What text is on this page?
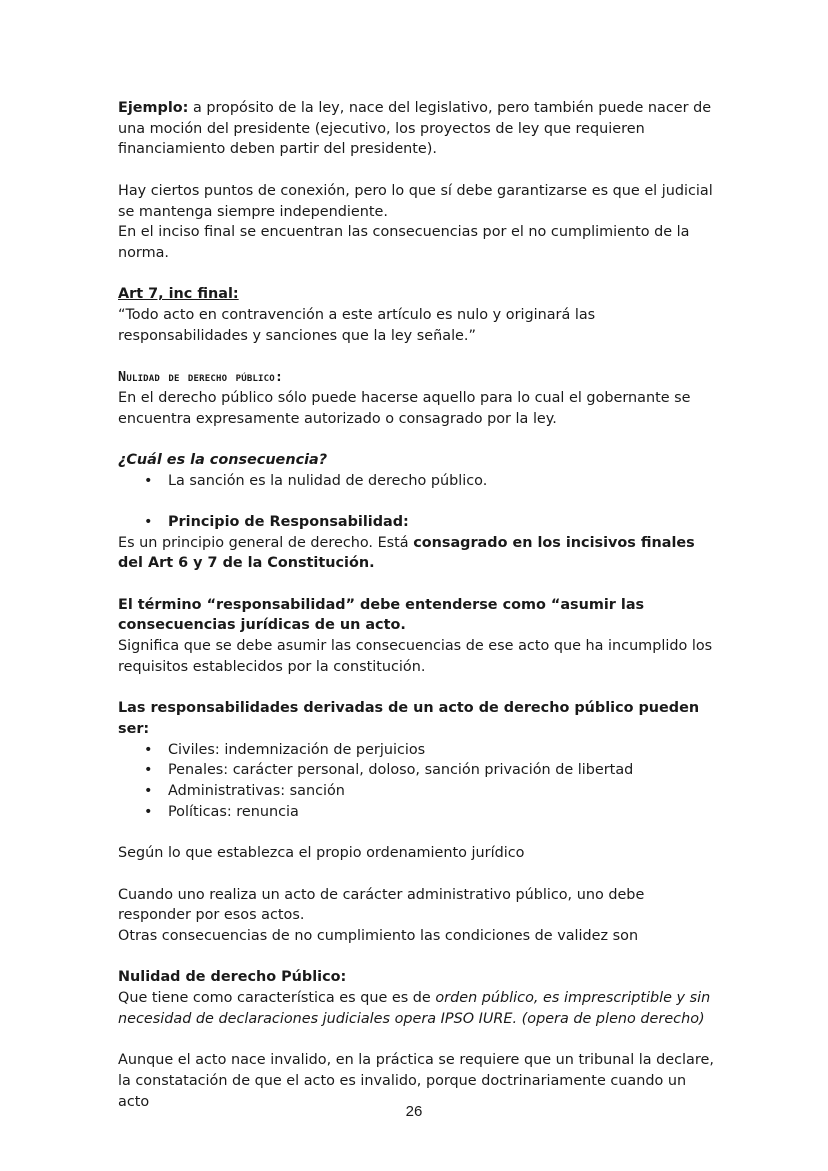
Ejemplo: a propósito de la ley, nace del legislativo, pero también puede nacer de una moción del presidente (ejecutivo, los proyectos de ley que requieren financiamiento deben partir del presidente).

Hay ciertos puntos de conexión, pero lo que sí debe garantizarse es que el judicial se mantenga siempre independiente.

En el inciso final se encuentran las consecuencias por el no cumplimiento de la norma.

Art 7, inc final:

“Todo acto en contravención a este artículo es nulo y originará las responsabilidades y sanciones que la ley señale.”

Nulidad de derecho público:

En el derecho público sólo puede hacerse aquello para lo cual el gobernante se encuentra expresamente autorizado o consagrado por la ley.

¿Cuál es la consecuencia?

• La sanción es la nulidad de derecho público.
• Principio de Responsabilidad:

Es un principio general de derecho. Está consagrado en los incisivos finales del Art 6 y 7 de la Constitución.

El término “responsabilidad” debe entenderse como “asumir las consecuencias jurídicas de un acto.

Significa que se debe asumir las consecuencias de ese acto que ha incumplido los requisitos establecidos por la constitución.

Las responsabilidades derivadas de un acto de derecho público pueden ser:

• Civiles: indemnización de perjuicios
• Penales: carácter personal, doloso, sanción privación de libertad
• Administrativas: sanción
• Políticas: renuncia

Según lo que establezca el propio ordenamiento jurídico

Cuando uno realiza un acto de carácter administrativo público, uno debe responder por esos actos.

Otras consecuencias de no cumplimiento las condiciones de validez son

Nulidad de derecho Público:

Que tiene como característica es que es de orden público, es imprescriptible y sin necesidad de declaraciones judiciales opera IPSO IURE. (opera de pleno derecho)

Aunque el acto nace invalido, en la práctica se requiere que un tribunal la declare, la constatación de que el acto es invalido, porque doctrinariamente cuando un acto

26
